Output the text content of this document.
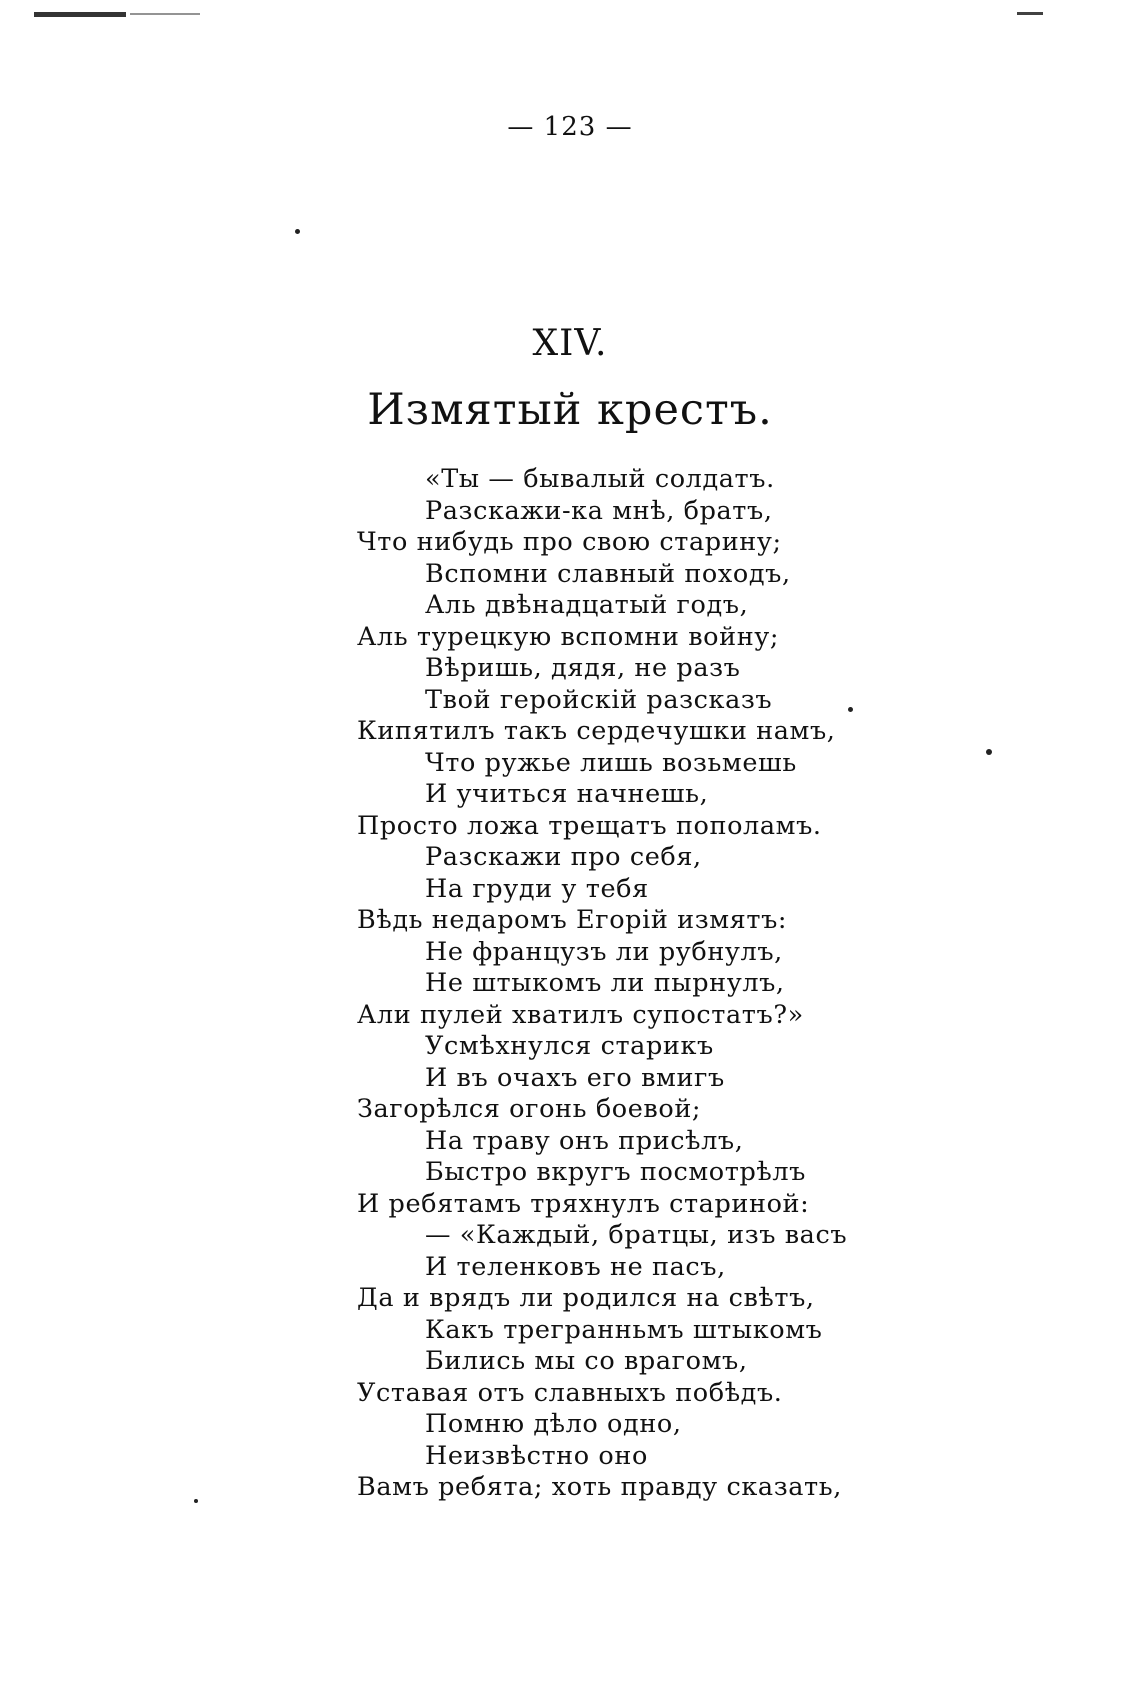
— 123 —
XIV.
Измятый крестъ.
«Ты — бывалый солдатъ.
Разскажи-ка мнѣ, братъ,
Что нибудь про свою старину;
Вспомни славный походъ,
Аль двѣнадцатый годъ,
Аль турецкую вспомни войну;
Вѣришь, дядя, не разъ
Твой геройскій разсказъ
Кипятилъ такъ сердечушки намъ,
Что ружье лишь возьмешь
И учиться начнешь,
Просто ложа трещатъ пополамъ.
Разскажи про себя,
На груди у тебя
Вѣдь недаромъ Егорій измятъ:
Не французъ ли рубнулъ,
Не штыкомъ ли пырнулъ,
Али пулей хватилъ супостатъ?»
Усмѣхнулся старикъ
И въ очахъ его вмигъ
Загорѣлся огонь боевой;
На траву онъ присѣлъ,
Быстро вкругъ посмотрѣлъ
И ребятамъ тряхнулъ стариной:
— «Каждый, братцы, изъ васъ
И теленковъ не пасъ,
Да и врядъ ли родился на свѣтъ,
Какъ трегранньмъ штыкомъ
Бились мы со врагомъ,
Уставая отъ славныхъ побѣдъ.
Помню дѣло одно,
Неизвѣстно оно
Вамъ ребята; хоть правду сказать,
